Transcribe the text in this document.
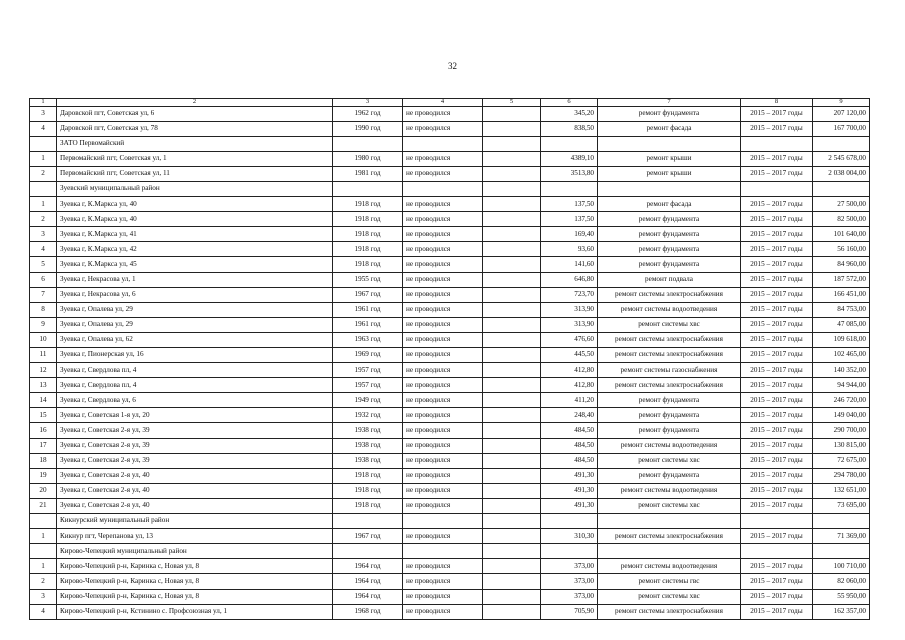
32
1	2	3	4	5	6	7	8	9
3	Даровской пгт, Советская ул, 6	1962 год	не проводился		345,20	ремонт фундамента	2015 – 2017 годы	207 120,00
4	Даровской пгт, Советская ул, 78	1990 год	не проводился		838,50	ремонт фасада	2015 – 2017 годы	167 700,00
	ЗАТО Первомайский							
1	Первомайский пгт, Советская ул, 1	1980 год	не проводился		4389,10	ремонт крыши	2015 – 2017 годы	2 545 678,00
2	Первомайский пгт, Советская ул, 11	1981 год	не проводился		3513,80	ремонт крыши	2015 – 2017 годы	2 038 004,00
	Зуевский муниципальный район							
1	Зуевка г, К.Маркса ул, 40	1918 год	не проводился		137,50	ремонт фасада	2015 – 2017 годы	27 500,00
2	Зуевка г, К.Маркса ул, 40	1918 год	не проводился		137,50	ремонт фундамента	2015 – 2017 годы	82 500,00
3	Зуевка г, К.Маркса ул, 41	1918 год	не проводился		169,40	ремонт фундамента	2015 – 2017 годы	101 640,00
4	Зуевка г, К.Маркса ул, 42	1918 год	не проводился		93,60	ремонт фундамента	2015 – 2017 годы	56 160,00
5	Зуевка г, К.Маркса ул, 45	1918 год	не проводился		141,60	ремонт фундамента	2015 – 2017 годы	84 960,00
6	Зуевка г, Некрасова ул, 1	1955 год	не проводился		646,80	ремонт подвала	2015 – 2017 годы	187 572,00
7	Зуевка г, Некрасова ул, 6	1967 год	не проводился		723,70	ремонт системы электроснабжения	2015 – 2017 годы	166 451,00
8	Зуевка г, Опалева ул, 29	1961 год	не проводился		313,90	ремонт системы водоотведения	2015 – 2017 годы	84 753,00
9	Зуевка г, Опалева ул, 29	1961 год	не проводился		313,90	ремонт системы хвс	2015 – 2017 годы	47 085,00
10	Зуевка г, Опалева ул, 62	1963 год	не проводился		476,60	ремонт системы электроснабжения	2015 – 2017 годы	109 618,00
11	Зуевка г, Пионерская ул, 16	1969 год	не проводился		445,50	ремонт системы электроснабжения	2015 – 2017 годы	102 465,00
12	Зуевка г, Свердлова пл, 4	1957 год	не проводился		412,80	ремонт системы газоснабжения	2015 – 2017 годы	140 352,00
13	Зуевка г, Свердлова пл, 4	1957 год	не проводился		412,80	ремонт системы электроснабжения	2015 – 2017 годы	94 944,00
14	Зуевка г, Свердлова ул, 6	1949 год	не проводился		411,20	ремонт фундамента	2015 – 2017 годы	246 720,00
15	Зуевка г, Советская 1-я ул, 20	1932 год	не проводился		248,40	ремонт фундамента	2015 – 2017 годы	149 040,00
16	Зуевка г, Советская 2-я ул, 39	1938 год	не проводился		484,50	ремонт фундамента	2015 – 2017 годы	290 700,00
17	Зуевка г, Советская 2-я ул, 39	1938 год	не проводился		484,50	ремонт системы водоотведения	2015 – 2017 годы	130 815,00
18	Зуевка г, Советская 2-я ул, 39	1938 год	не проводился		484,50	ремонт системы хвс	2015 – 2017 годы	72 675,00
19	Зуевка г, Советская 2-я ул, 40	1918 год	не проводился		491,30	ремонт фундамента	2015 – 2017 годы	294 780,00
20	Зуевка г, Советская 2-я ул, 40	1918 год	не проводился		491,30	ремонт системы водоотведения	2015 – 2017 годы	132 651,00
21	Зуевка г, Советская 2-я ул, 40	1918 год	не проводился		491,30	ремонт системы хвс	2015 – 2017 годы	73 695,00
	Кикнурский муниципальный район							
1	Кикнур пгт, Черепанова ул, 13	1967 год	не проводился		310,30	ремонт системы электроснабжения	2015 – 2017 годы	71 369,00
	Кирово-Чепецкий муниципальный район							
1	Кирово-Чепецкий р-н, Каринка с, Новая ул, 8	1964 год	не проводился		373,00	ремонт системы водоотведения	2015 – 2017 годы	100 710,00
2	Кирово-Чепецкий р-н, Каринка с, Новая ул, 8	1964 год	не проводился		373,00	ремонт системы гвс	2015 – 2017 годы	82 060,00
3	Кирово-Чепецкий р-н, Каринка с, Новая ул, 8	1964 год	не проводился		373,00	ремонт системы хвс	2015 – 2017 годы	55 950,00
4	Кирово-Чепецкий р-н, Кстинино с. Профсоюзная ул, 1	1968 год	не проводился		705,90	ремонт системы электроснабжения	2015 – 2017 годы	162 357,00
